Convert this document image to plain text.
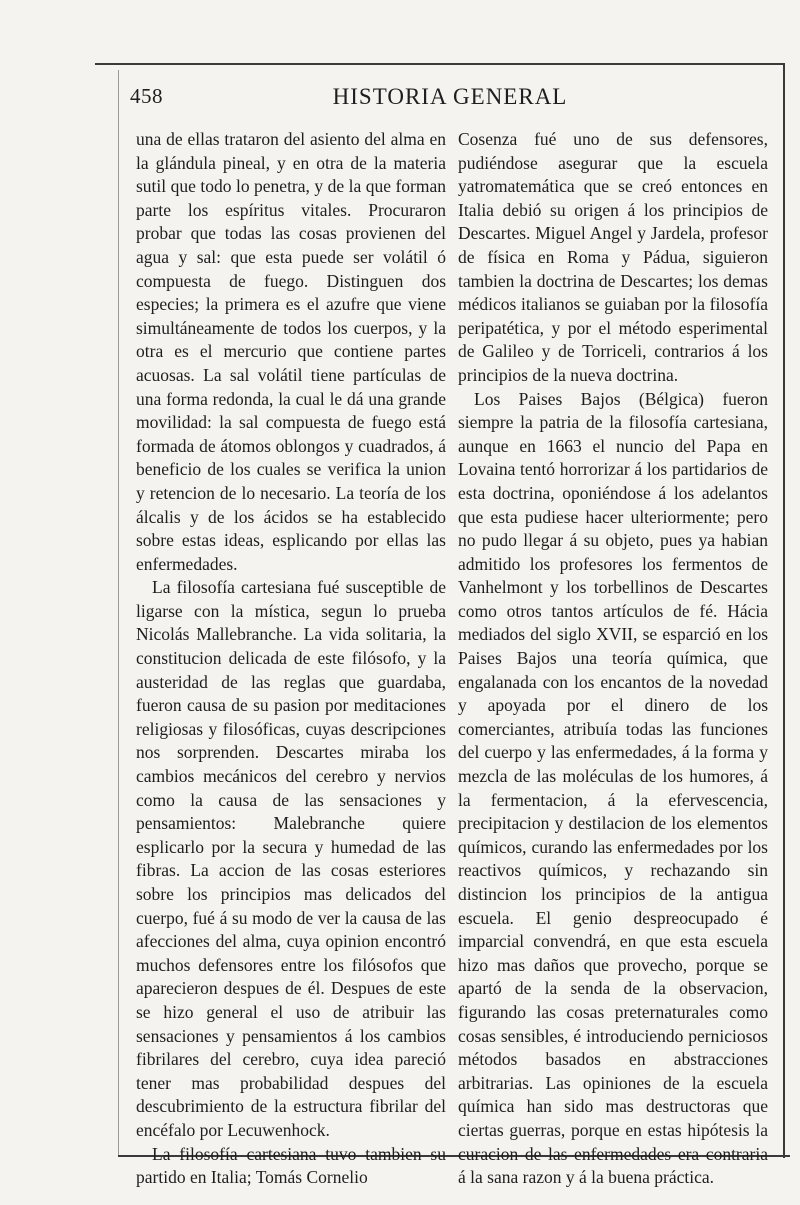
458	HISTORIA GENERAL

una de ellas trataron del asiento del alma en la glándula pineal, y en otra de la materia sutil que todo lo penetra, y de la que forman parte los espíritus vitales. Procuraron probar que todas las cosas provienen del agua y sal: que esta puede ser volátil ó compuesta de fuego. Distinguen dos especies; la primera es el azufre que viene simultáneamente de todos los cuerpos, y la otra es el mercurio que contiene partes acuosas. La sal volátil tiene partículas de una forma redonda, la cual le dá una grande movilidad: la sal compuesta de fuego está formada de átomos oblongos y cuadrados, á beneficio de los cuales se verifica la union y retencion de lo necesario. La teoría de los álcalis y de los ácidos se ha establecido sobre estas ideas, esplicando por ellas las enfermedades.

La filosofía cartesiana fué susceptible de ligarse con la mística, segun lo prueba Nicolás Mallebranche. La vida solitaria, la constitucion delicada de este filósofo, y la austeridad de las reglas que guardaba, fueron causa de su pasion por meditaciones religiosas y filosóficas, cuyas descripciones nos sorprenden. Descartes miraba los cambios mecánicos del cerebro y nervios como la causa de las sensaciones y pensamientos: Malebranche quiere esplicarlo por la secura y humedad de las fibras. La accion de las cosas esteriores sobre los principios mas delicados del cuerpo, fué á su modo de ver la causa de las afecciones del alma, cuya opinion encontró muchos defensores entre los filósofos que aparecieron despues de él. Despues de este se hizo general el uso de atribuir las sensaciones y pensamientos á los cambios fibrilares del cerebro, cuya idea pareció tener mas probabilidad despues del descubrimiento de la estructura fibrilar del encéfalo por Lecuwenhock.

La filosofía cartesiana tuvo tambien su partido en Italia; Tomás Cornelio

Cosenza fué uno de sus defensores, pudiéndose asegurar que la escuela yatromatemática que se creó entonces en Italia debió su origen á los principios de Descartes. Miguel Angel y Jardela, profesor de física en Roma y Pádua, siguieron tambien la doctrina de Descartes; los demas médicos italianos se guiaban por la filosofía peripatética, y por el método esperimental de Galileo y de Torriceli, contrarios á los principios de la nueva doctrina.

Los Paises Bajos (Bélgica) fueron siempre la patria de la filosofía cartesiana, aunque en 1663 el nuncio del Papa en Lovaina tentó horrorizar á los partidarios de esta doctrina, oponiéndose á los adelantos que esta pudiese hacer ulteriormente; pero no pudo llegar á su objeto, pues ya habian admitido los profesores los fermentos de Vanhelmont y los torbellinos de Descartes como otros tantos artículos de fé. Hácia mediados del siglo XVII, se esparció en los Paises Bajos una teoría química, que engalanada con los encantos de la novedad y apoyada por el dinero de los comerciantes, atribuía todas las funciones del cuerpo y las enfermedades, á la forma y mezcla de las moléculas de los humores, á la fermentacion, á la efervescencia, precipitacion y destilacion de los elementos químicos, curando las enfermedades por los reactivos químicos, y rechazando sin distincion los principios de la antigua escuela. El genio despreocupado é imparcial convendrá, en que esta escuela hizo mas daños que provecho, porque se apartó de la senda de la observacion, figurando las cosas preternaturales como cosas sensibles, é introduciendo perniciosos métodos basados en abstracciones arbitrarias. Las opiniones de la escuela química han sido mas destructoras que ciertas guerras, porque en estas hipótesis la curacion de las enfermedades era contraria á la sana razon y á la buena práctica.
